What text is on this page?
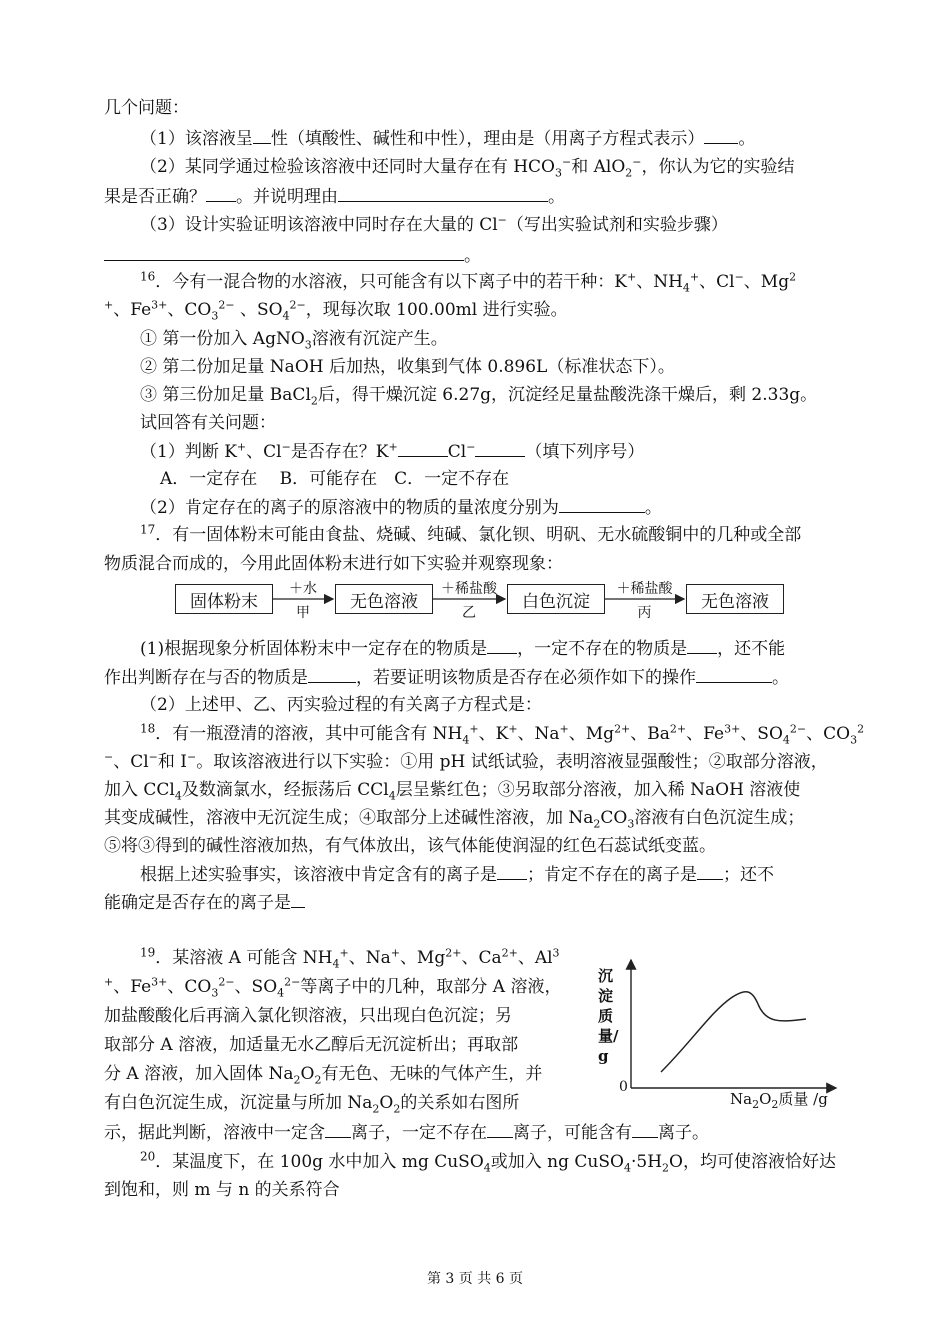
几个问题：
（1）该溶液呈 性（填酸性、碱性和中性），理由是（用离子方程式表示） 。
（2）某同学通过检验该溶液中还同时大量存在有 $HCO_3^-$和 AlO$_2$−，你认为它的实验结
果是否正确？ 。并说明理由	。
（3）设计实验证明该溶液中同时存在大量的 Cl−（写出实验试剂和实验步骤）
。
$^{16}$．今有一混合物的水溶液，只可能含有以下离子中的若干种：K+、$NH_4^+$、Cl−、Mg$^2$
+、$Fe^{3+}$、$CO_3^{2-}$ 、$SO_4^{2-}$，现每次取 100.00ml 进行实验。
① 第一份加入 AgNO$_3$溶液有沉淀产生。
② 第二份加足量 NaOH 后加热，收集到气体 0.896L（标准状态下）。
③ 第三份加足量 BaCl$_2$后，得干燥沉淀 6.27g，沉淀经足量盐酸洗涤干燥后，剩 2.33g。
试回答有关问题：
（1）判断 K+、Cl−是否存在？K+	Cl−	（填下列序号）
A．一定存在　 B．可能存在　C．一定不存在
（2）肯定存在的离子的原溶液中的物质的量浓度分别为	。
$^{17}$．有一固体粉末可能由食盐、烧碱、纯碱、氯化钡、明矾、无水硫酸铜中的几种或全部
物质混合而成的，今用此固体粉末进行如下实验并观察现象：
固体粉末	无色溶液	白色沉淀	无色溶液
＋水
甲
＋稀盐酸
乙
＋稀盐酸
丙
(1)根据现象分析固体粉末中一定存在的物质是 ，一定不存在的物质是 ，还不能
作出判断存在与否的物质是	，若要证明该物质是否存在必须作如下的操作	。
（2）上述甲、乙、丙实验过程的有关离子方程式是：
$^{18}$．有一瓶澄清的溶液，其中可能含有 $NH_4^+$、K+、Na+、$Mg^{2+}$、$Ba^{2+}$、$Fe^{3+}$、$SO_4^{2-}$、$CO_3^2$
−、Cl−和 I−。取该溶液进行以下实验：①用 pH 试纸试验，表明溶液显强酸性；②取部分溶液，
加入 CCl$_4$及数滴氯水，经振荡后 CCl$_4$层呈紫红色；③另取部分溶液，加入稀 NaOH 溶液使
其变成碱性，溶液中无沉淀生成；④取部分上述碱性溶液，加 $Na_2CO_3$溶液有白色沉淀生成；
⑤将③得到的碱性溶液加热，有气体放出，该气体能使润湿的红色石蕊试纸变蓝。
根据上述实验事实，该溶液中肯定含有的离子是 ；肯定不存在的离子是 ；还不
能确定是否存在的离子是
$^{19}$．某溶液 A 可能含 $NH_4^+$、Na+、$Mg^{2+}$、$Ca^{2+}$、Al$^3$
+、$Fe^{3+}$、$CO_3^{2-}$、$SO_4^{2-}$等离子中的几种，取部分 A 溶液，
加盐酸酸化后再滴入氯化钡溶液，只出现白色沉淀；另
取部分 A 溶液，加适量无水乙醇后无沉淀析出；再取部
分 A 溶液，加入固体 $Na_2O_2$有无色、无味的气体产生，并
有白色沉淀生成，沉淀量与所加 $Na_2O_2$的关系如右图所
示，据此判断，溶液中一定含 离子，一定不存在 离子，可能含有 离子。
沉淀质量/g
0
$Na_2O_2$质量 /g
$^{20}$．某温度下，在 100g 水中加入 mg CuSO$_4$或加入 ng $CuSO_4\cdot 5H_2O$，均可使溶液恰好达
到饱和，则 m 与 n 的关系符合
第 3 页 共 6 页
